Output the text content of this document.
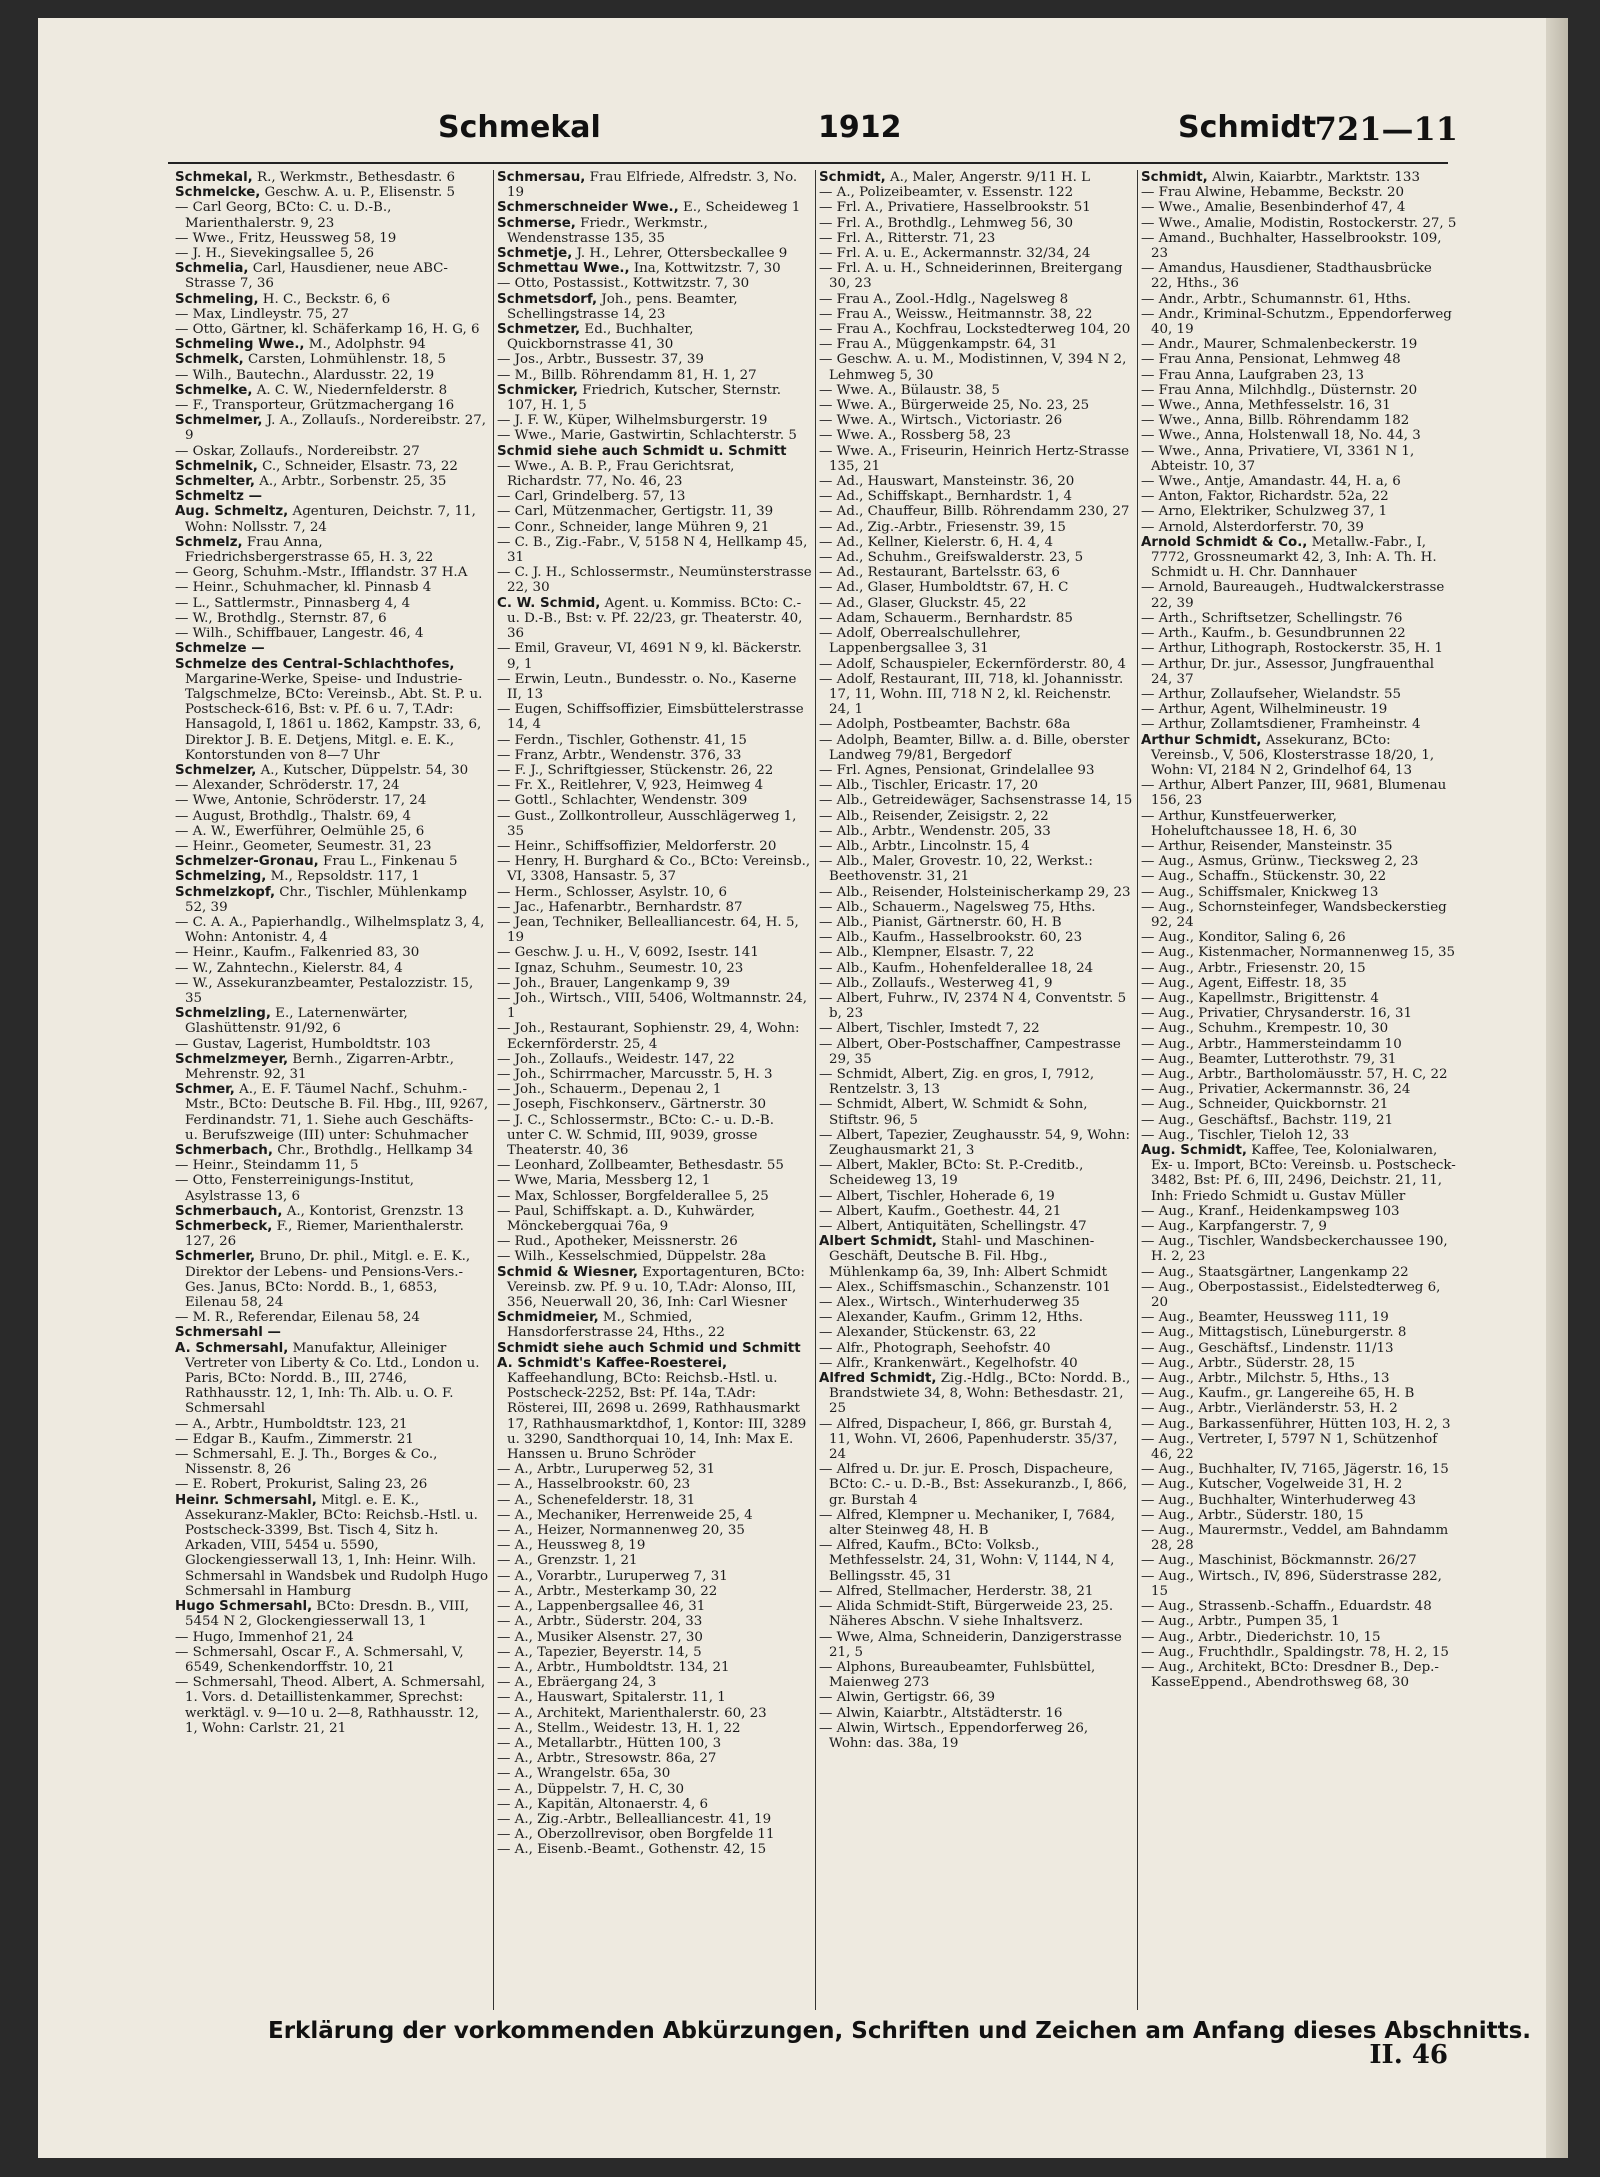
Schmekal	1912	Schmidt
721—11

Schmekal, R., Werkmstr., Bethesdastr. 6

Schmelcke, Geschw. A. u. P., Elisenstr. 5

— Carl Georg, BCto: C. u. D.-B., Marienthalerstr. 9, 23

— Wwe., Fritz, Heussweg 58, 19

— J. H., Sievekingsallee 5, 26

Schmelia, Carl, Hausdiener, neue ABC-Strasse 7, 36

Schmeling, H. C., Beckstr. 6, 6

— Max, Lindleystr. 75, 27

— Otto, Gärtner, kl. Schäferkamp 16, H. G, 6

Schmeling Wwe., M., Adolphstr. 94

Schmelk, Carsten, Lohmühlenstr. 18, 5

— Wilh., Bautechn., Alardusstr. 22, 19

Schmelke, A. C. W., Niedernfelderstr. 8

— F., Transporteur, Grützmachergang 16

Schmelmer, J. A., Zollauſs., Nordereibstr. 27, 9

— Oskar, Zollaufs., Nordereibstr. 27

Schmelnik, C., Schneider, Elsastr. 73, 22

Schmelter, A., Arbtr., Sorbenstr. 25, 35

Schmeltz —

Aug. Schmeltz, Agenturen, Deichstr. 7, 11, Wohn: Nollsstr. 7, 24

Schmelz, Frau Anna, Friedrichsbergerstrasse 65, H. 3, 22

— Georg, Schuhm.-Mstr., Ifflandstr. 37 H.A

— Heinr., Schuhmacher, kl. Pinnasb 4

— L., Sattlermstr., Pinnasberg 4, 4

— W., Brothdlg., Sternstr. 87, 6

— Wilh., Schiffbauer, Langestr. 46, 4

Schmelze —

Schmelze des Central-Schlachthofes, Margarine-Werke, Speise- und Industrie-Talgschmelze, BCto: Vereinsb., Abt. St. P. u. Postscheck-616, Bst: v. Pf. 6 u. 7, T.Adr: Hansagold, I, 1861 u. 1862, Kampstr. 33, 6, Direktor J. B. E. Detjens, Mitgl. e. E. K., Kontorstunden von 8—7 Uhr

Schmelzer, A., Kutscher, Düppelstr. 54, 30

— Alexander, Schröderstr. 17, 24

— Wwe, Antonie, Schröderstr. 17, 24

— August, Brothdlg., Thalstr. 69, 4

— A. W., Ewerführer, Oelmühle 25, 6

— Heinr., Geometer, Seumestr. 31, 23

Schmelzer-Gronau, Frau L., Finkenau 5

Schmelzing, M., Repsoldstr. 117, 1

Schmelzkopf, Chr., Tischler, Mühlenkamp 52, 39

— C. A. A., Papierhandlg., Wilhelmsplatz 3, 4, Wohn: Antonistr. 4, 4

— Heinr., Kaufm., Falkenried 83, 30

— W., Zahntechn., Kielerstr. 84, 4

— W., Assekuranzbeamter, Pestalozzistr. 15, 35

Schmelzling, E., Laternenwärter, Glashüttenstr. 91/92, 6

— Gustav, Lagerist, Humboldtstr. 103

Schmelzmeyer, Bernh., Zigarren-Arbtr., Mehrenstr. 92, 31

Schmer, A., E. F. Täumel Nachf., Schuhm.-Mstr., BCto: Deutsche B. Fil. Hbg., III, 9267, Ferdinandstr. 71, 1. Siehe auch Geschäfts- u. Berufszweige (III) unter: Schuhmacher

Schmerbach, Chr., Brothdlg., Hellkamp 34

— Heinr., Steindamm 11, 5

— Otto, Fensterreinigungs-Institut, Asylstrasse 13, 6

Schmerbauch, A., Kontorist, Grenzstr. 13

Schmerbeck, F., Riemer, Marienthalerstr. 127, 26

Schmerler, Bruno, Dr. phil., Mitgl. e. E. K., Direktor der Lebens- und Pensions-Vers.-Ges. Janus, BCto: Nordd. B., 1, 6853, Eilenau 58, 24

— M. R., Referendar, Eilenau 58, 24

Schmersahl —

A. Schmersahl, Manufaktur, Alleiniger Vertreter von Liberty & Co. Ltd., London u. Paris, BCto: Nordd. B., III, 2746, Rathhausstr. 12, 1, Inh: Th. Alb. u. O. F. Schmersahl

— A., Arbtr., Humboldtstr. 123, 21

— Edgar B., Kaufm., Zimmerstr. 21

— Schmersahl, E. J. Th., Borges & Co., Nissenstr. 8, 26

— E. Robert, Prokurist, Saling 23, 26

Heinr. Schmersahl, Mitgl. e. E. K., Assekuranz-Makler, BCto: Reichsb.-Hstl. u. Postscheck-3399, Bst. Tisch 4, Sitz h. Arkaden, VIII, 5454 u. 5590, Glockengiesserwall 13, 1, Inh: Heinr. Wilh. Schmersahl in Wandsbek und Rudolph Hugo Schmersahl in Hamburg

Hugo Schmersahl, BCto: Dresdn. B., VIII, 5454 N 2, Glockengiesserwall 13, 1

— Hugo, Immenhof 21, 24

— Schmersahl, Oscar F., A. Schmersahl, V, 6549, Schenkendorffstr. 10, 21

— Schmersahl, Theod. Albert, A. Schmersahl, 1. Vors. d. Detaillistenkammer, Sprechst: werktägl. v. 9—10 u. 2—8, Rathhausstr. 12, 1, Wohn: Carlstr. 21, 21

Schmersau, Frau Elfriede, Alfredstr. 3, No. 19

Schmerschneider Wwe., E., Scheideweg 1

Schmerse, Friedr., Werkmstr., Wendenstrasse 135, 35

Schmetje, J. H., Lehrer, Ottersbeckallee 9

Schmettau Wwe., Ina, Kottwitzstr. 7, 30

— Otto, Postassist., Kottwitzstr. 7, 30

Schmetsdorf, Joh., pens. Beamter, Schellingstrasse 14, 23

Schmetzer, Ed., Buchhalter, Quickbornstrasse 41, 30

— Jos., Arbtr., Bussestr. 37, 39

— M., Billb. Röhrendamm 81, H. 1, 27

Schmicker, Friedrich, Kutscher, Sternstr. 107, H. 1, 5

— J. F. W., Küper, Wilhelmsburgerstr. 19

— Wwe., Marie, Gastwirtin, Schlachterstr. 5

Schmid siehe auch Schmidt u. Schmitt

— Wwe., A. B. P., Frau Gerichtsrat, Richardstr. 77, No. 46, 23

— Carl, Grindelberg. 57, 13

— Carl, Mützenmacher, Gertigstr. 11, 39

— Conr., Schneider, lange Mühren 9, 21

— C. B., Zig.-Fabr., V, 5158 N 4, Hellkamp 45, 31

— C. J. H., Schlossermstr., Neumünsterstrasse 22, 30

C. W. Schmid, Agent. u. Kommiss. BCto: C.- u. D.-B., Bst: v. Pf. 22/23, gr. Theaterstr. 40, 36

— Emil, Graveur, VI, 4691 N 9, kl. Bäckerstr. 9, 1

— Erwin, Leutn., Bundesstr. o. No., Kaserne II, 13

— Eugen, Schiffsoffizier, Eimsbüttelerstrasse 14, 4

— Ferdn., Tischler, Gothenstr. 41, 15

— Franz, Arbtr., Wendenstr. 376, 33

— F. J., Schriftgiesser, Stückenstr. 26, 22

— Fr. X., Reitlehrer, V, 923, Heimweg 4

— Gottl., Schlachter, Wendenstr. 309

— Gust., Zollkontrolleur, Ausschlägerweg 1, 35

— Heinr., Schiffsoffizier, Meldorferstr. 20

— Henry, H. Burghard & Co., BCto: Vereinsb., VI, 3308, Hansastr. 5, 37

— Herm., Schlosser, Asylstr. 10, 6

— Jac., Hafenarbtr., Bernhardstr. 87

— Jean, Techniker, Bellealliancestr. 64, H. 5, 19

— Geschw. J. u. H., V, 6092, Isestr. 141

— Ignaz, Schuhm., Seumestr. 10, 23

— Joh., Brauer, Langenkamp 9, 39

— Joh., Wirtsch., VIII, 5406, Woltmannstr. 24, 1

— Joh., Restaurant, Sophienstr. 29, 4, Wohn: Eckernförderstr. 25, 4

— Joh., Zollaufs., Weidestr. 147, 22

— Joh., Schirrmacher, Marcusstr. 5, H. 3

— Joh., Schauerm., Depenau 2, 1

— Joseph, Fischkonserv., Gärtnerstr. 30

— J. C., Schlossermstr., BCto: C.- u. D.-B. unter C. W. Schmid, III, 9039, grosse Theaterstr. 40, 36

— Leonhard, Zollbeamter, Bethesdastr. 55

— Wwe, Maria, Messberg 12, 1

— Max, Schlosser, Borgfelderallee 5, 25

— Paul, Schiffskapt. a. D., Kuhwärder, Mönckebergquai 76a, 9

— Rud., Apotheker, Meissnerstr. 26

— Wilh., Kesselschmied, Düppelstr. 28a

Schmid & Wiesner, Exportagenturen, BCto: Vereinsb. zw. Pf. 9 u. 10, T.Adr: Alonso, III, 356, Neuerwall 20, 36, Inh: Carl Wiesner

Schmidmeier, M., Schmied, Hansdorferstrasse 24, Hths., 22

Schmidt siehe auch Schmid und Schmitt

A. Schmidt's Kaffee-Roesterei, Kaffeehandlung, BCto: Reichsb.-Hstl. u. Postscheck-2252, Bst: Pf. 14a, T.Adr: Rösterei, III, 2698 u. 2699, Rathhausmarkt 17, Rathhausmarktdhof, 1, Kontor: III, 3289 u. 3290, Sandthorquai 10, 14, Inh: Max E. Hanssen u. Bruno Schröder

— A., Arbtr., Luruperweg 52, 31

— A., Hasselbrookstr. 60, 23

— A., Schenefelderstr. 18, 31

— A., Mechaniker, Herrenweide 25, 4

— A., Heizer, Normannenweg 20, 35

— A., Heussweg 8, 19

— A., Grenzstr. 1, 21

— A., Vorarbtr., Luruperweg 7, 31

— A., Arbtr., Mesterkamp 30, 22

— A., Lappenbergsallee 46, 31

— A., Arbtr., Süderstr. 204, 33

— A., Musiker Alsenstr. 27, 30

— A., Tapezier, Beyerstr. 14, 5

— A., Arbtr., Humboldtstr. 134, 21

— A., Ebräergang 24, 3

— A., Hauswart, Spitalerstr. 11, 1

— A., Architekt, Marienthalerstr. 60, 23

— A., Stellm., Weidestr. 13, H. 1, 22

— A., Metallarbtr., Hütten 100, 3

— A., Arbtr., Stresowstr. 86a, 27

— A., Wrangelstr. 65a, 30

— A., Düppelstr. 7, H. C, 30

— A., Kapitän, Altonaerstr. 4, 6

— A., Zig.-Arbtr., Bellealliancestr. 41, 19

— A., Oberzollrevisor, oben Borgfelde 11

— A., Eisenb.-Beamt., Gothenstr. 42, 15

Schmidt, A., Maler, Angerstr. 9/11 H. L

— A., Polizeibeamter, v. Essenstr. 122

— Frl. A., Privatiere, Hasselbrookstr. 51

— Frl. A., Brothdlg., Lehmweg 56, 30

— Frl. A., Ritterstr. 71, 23

— Frl. A. u. E., Ackermannstr. 32/34, 24

— Frl. A. u. H., Schneiderinnen, Breitergang 30, 23

— Frau A., Zool.-Hdlg., Nagelsweg 8

— Frau A., Weissw., Heitmannstr. 38, 22

— Frau A., Kochfrau, Lockstedterweg 104, 20

— Frau A., Müggenkampstr. 64, 31

— Geschw. A. u. M., Modistinnen, V, 394 N 2, Lehmweg 5, 30

— Wwe. A., Bülaustr. 38, 5

— Wwe. A., Bürgerweide 25, No. 23, 25

— Wwe. A., Wirtsch., Victoriastr. 26

— Wwe. A., Rossberg 58, 23

— Wwe. A., Friseurin, Heinrich Hertz-Strasse 135, 21

— Ad., Hauswart, Mansteinstr. 36, 20

— Ad., Schiffskapt., Bernhardstr. 1, 4

— Ad., Chauffeur, Billb. Röhrendamm 230, 27

— Ad., Zig.-Arbtr., Friesenstr. 39, 15

— Ad., Kellner, Kielerstr. 6, H. 4, 4

— Ad., Schuhm., Greifswalderstr. 23, 5

— Ad., Restaurant, Bartelsstr. 63, 6

— Ad., Glaser, Humboldtstr. 67, H. C

— Ad., Glaser, Gluckstr. 45, 22

— Adam, Schauerm., Bernhardstr. 85

— Adolf, Oberrealschullehrer, Lappenbergsallee 3, 31

— Adolf, Schauspieler, Eckernförderstr. 80, 4

— Adolf, Restaurant, III, 718, kl. Johannisstr. 17, 11, Wohn. III, 718 N 2, kl. Reichenstr. 24, 1

— Adolph, Postbeamter, Bachstr. 68a

— Adolph, Beamter, Billw. a. d. Bille, oberster Landweg 79/81, Bergedorf

— Frl. Agnes, Pensionat, Grindelallee 93

— Alb., Tischler, Ericastr. 17, 20

— Alb., Getreidewäger, Sachsenstrasse 14, 15

— Alb., Reisender, Zeisigstr. 2, 22

— Alb., Arbtr., Wendenstr. 205, 33

— Alb., Arbtr., Lincolnstr. 15, 4

— Alb., Maler, Grovestr. 10, 22, Werkst.: Beethovenstr. 31, 21

— Alb., Reisender, Holsteinischerkamp 29, 23

— Alb., Schauerm., Nagelsweg 75, Hths.

— Alb., Pianist, Gärtnerstr. 60, H. B

— Alb., Kaufm., Hasselbrookstr. 60, 23

— Alb., Klempner, Elsastr. 7, 22

— Alb., Kaufm., Hohenfelderallee 18, 24

— Alb., Zollaufs., Westerweg 41, 9

— Albert, Fuhrw., IV, 2374 N 4, Conventstr. 5 b, 23

— Albert, Tischler, Imstedt 7, 22

— Albert, Ober-Postschaffner, Campestrasse 29, 35

— Schmidt, Albert, Zig. en gros, I, 7912, Rentzelstr. 3, 13

— Schmidt, Albert, W. Schmidt & Sohn, Stiftstr. 96, 5

— Albert, Tapezier, Zeughausstr. 54, 9, Wohn: Zeughausmarkt 21, 3

— Albert, Makler, BCto: St. P.-Creditb., Scheideweg 13, 19

— Albert, Tischler, Hoherade 6, 19

— Albert, Kaufm., Goethestr. 44, 21

— Albert, Antiquitäten, Schellingstr. 47

Albert Schmidt, Stahl- und Maschinen-Geschäft, Deutsche B. Fil. Hbg., Mühlenkamp 6a, 39, Inh: Albert Schmidt

— Alex., Schiffsmaschin., Schanzenstr. 101

— Alex., Wirtsch., Winterhuderweg 35

— Alexander, Kaufm., Grimm 12, Hths.

— Alexander, Stückenstr. 63, 22

— Alfr., Photograph, Seehofstr. 40

— Alfr., Krankenwärt., Kegelhofstr. 40

Alfred Schmidt, Zig.-Hdlg., BCto: Nordd. B., Brandstwiete 34, 8, Wohn: Bethesdastr. 21, 25

— Alfred, Dispacheur, I, 866, gr. Burstah 4, 11, Wohn. VI, 2606, Papenhuderstr. 35/37, 24

— Alfred u. Dr. jur. E. Prosch, Dispacheure, BCto: C.- u. D.-B., Bst: Assekuranzb., I, 866, gr. Burstah 4

— Alfred, Klempner u. Mechaniker, I, 7684, alter Steinweg 48, H. B

— Alfred, Kaufm., BCto: Volksb., Methfesselstr. 24, 31, Wohn: V, 1144, N 4, Bellingsstr. 45, 31

— Alfred, Stellmacher, Herderstr. 38, 21

— Alida Schmidt-Stift, Bürgerweide 23, 25. Näheres Abschn. V siehe Inhaltsverz.

— Wwe, Alma, Schneiderin, Danzigerstrasse 21, 5

— Alphons, Bureaubeamter, Fuhlsbüttel, Maienweg 273

— Alwin, Gertigstr. 66, 39

— Alwin, Kaiarbtr., Altstädterstr. 16

— Alwin, Wirtsch., Eppendorferweg 26, Wohn: das. 38a, 19

Schmidt, Alwin, Kaiarbtr., Marktstr. 133

— Frau Alwine, Hebamme, Beckstr. 20

— Wwe., Amalie, Besenbinderhof 47, 4

— Wwe., Amalie, Modistin, Rostockerstr. 27, 5

— Amand., Buchhalter, Hasselbrookstr. 109, 23

— Amandus, Hausdiener, Stadthausbrücke 22, Hths., 36

— Andr., Arbtr., Schumannstr. 61, Hths.

— Andr., Kriminal-Schutzm., Eppendorferweg 40, 19

— Andr., Maurer, Schmalenbeckerstr. 19

— Frau Anna, Pensionat, Lehmweg 48

— Frau Anna, Laufgraben 23, 13

— Frau Anna, Milchhdlg., Düsternstr. 20

— Wwe., Anna, Methfesselstr. 16, 31

— Wwe., Anna, Billb. Röhrendamm 182

— Wwe., Anna, Holstenwall 18, No. 44, 3

— Wwe., Anna, Privatiere, VI, 3361 N 1, Abteistr. 10, 37

— Wwe., Antje, Amandastr. 44, H. a, 6

— Anton, Faktor, Richardstr. 52a, 22

— Arno, Elektriker, Schulzweg 37, 1

— Arnold, Alsterdorferstr. 70, 39

Arnold Schmidt & Co., Metallw.-Fabr., I, 7772, Grossneumarkt 42, 3, Inh: A. Th. H. Schmidt u. H. Chr. Dannhauer

— Arnold, Baureaugeh., Hudtwalckerstrasse 22, 39

— Arth., Schriftsetzer, Schellingstr. 76

— Arth., Kaufm., b. Gesundbrunnen 22

— Arthur, Lithograph, Rostockerstr. 35, H. 1

— Arthur, Dr. jur., Assessor, Jungfrauenthal 24, 37

— Arthur, Zollaufseher, Wielandstr. 55

— Arthur, Agent, Wilhelmineustr. 19

— Arthur, Zollamtsdiener, Framheinstr. 4

Arthur Schmidt, Assekuranz, BCto: Vereinsb., V, 506, Klosterstrasse 18/20, 1, Wohn: VI, 2184 N 2, Grindelhof 64, 13

— Arthur, Albert Panzer, III, 9681, Blumenau 156, 23

— Arthur, Kunstfeuerwerker, Hoheluftchaussee 18, H. 6, 30

— Arthur, Reisender, Mansteinstr. 35

— Aug., Asmus, Grünw., Tiecksweg 2, 23

— Aug., Schaffn., Stückenstr. 30, 22

— Aug., Schiffsmaler, Knickweg 13

— Aug., Schornsteinfeger, Wandsbeckerstieg 92, 24

— Aug., Konditor, Saling 6, 26

— Aug., Kistenmacher, Normannenweg 15, 35

— Aug., Arbtr., Friesenstr. 20, 15

— Aug., Agent, Eiffestr. 18, 35

— Aug., Kapellmstr., Brigittenstr. 4

— Aug., Privatier, Chrysanderstr. 16, 31

— Aug., Schuhm., Krempestr. 10, 30

— Aug., Arbtr., Hammersteindamm 10

— Aug., Beamter, Lutterothstr. 79, 31

— Aug., Arbtr., Bartholomäusstr. 57, H. C, 22

— Aug., Privatier, Ackermannstr. 36, 24

— Aug., Schneider, Quickbornstr. 21

— Aug., Geschäftsf., Bachstr. 119, 21

— Aug., Tischler, Tieloh 12, 33

Aug. Schmidt, Kaffee, Tee, Kolonialwaren, Ex- u. Import, BCto: Vereinsb. u. Postscheck-3482, Bst: Pf. 6, III, 2496, Deichstr. 21, 11, Inh: Friedo Schmidt u. Gustav Müller

— Aug., Kranf., Heidenkampsweg 103

— Aug., Karpfangerstr. 7, 9

— Aug., Tischler, Wandsbeckerchaussee 190, H. 2, 23

— Aug., Staatsgärtner, Langenkamp 22

— Aug., Oberpostassist., Eidelstedterweg 6, 20

— Aug., Beamter, Heussweg 111, 19

— Aug., Mittagstisch, Lüneburgerstr. 8

— Aug., Geschäftsf., Lindenstr. 11/13

— Aug., Arbtr., Süderstr. 28, 15

— Aug., Arbtr., Milchstr. 5, Hths., 13

— Aug., Kaufm., gr. Langereihe 65, H. B

— Aug., Arbtr., Vierländerstr. 53, H. 2

— Aug., Barkassenführer, Hütten 103, H. 2, 3

— Aug., Vertreter, I, 5797 N 1, Schützenhof 46, 22

— Aug., Buchhalter, IV, 7165, Jägerstr. 16, 15

— Aug., Kutscher, Vogelweide 31, H. 2

— Aug., Buchhalter, Winterhuderweg 43

— Aug., Arbtr., Süderstr. 180, 15

— Aug., Maurermstr., Veddel, am Bahndamm 28, 28

— Aug., Maschinist, Böckmannstr. 26/27

— Aug., Wirtsch., IV, 896, Süderstrasse 282, 15

— Aug., Strassenb.-Schaffn., Eduardstr. 48

— Aug., Arbtr., Pumpen 35, 1

— Aug., Arbtr., Diederichstr. 10, 15

— Aug., Fruchthdlr., Spaldingstr. 78, H. 2, 15

— Aug., Architekt, BCto: Dresdner B., Dep.-KasseEppend., Abendrothsweg 68, 30

Erklärung der vorkommenden Abkürzungen, Schriften und Zeichen am Anfang dieses Abschnitts.
II. 46
